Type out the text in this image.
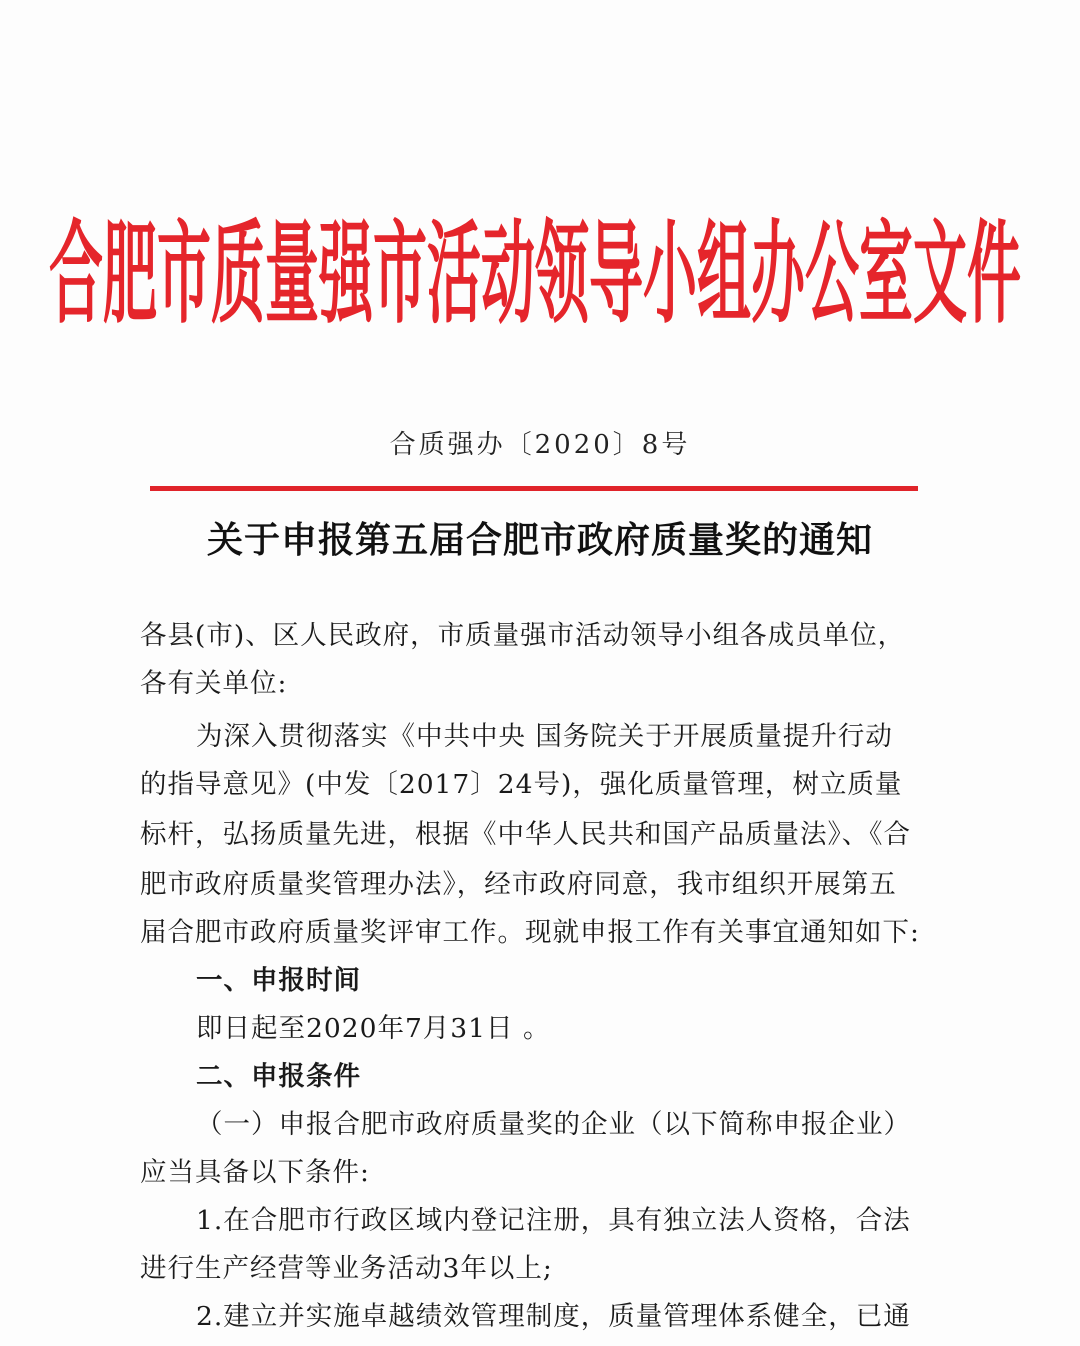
合肥市质量强市活动领导小组办公室文件
合质强办〔2020〕8号
关于申报第五届合肥市政府质量奖的通知
各县(市)、区人民政府，市质量强市活动领导小组各成员单位，
各有关单位:
为深入贯彻落实《中共中央 国务院关于开展质量提升行动
的指导意见》(中发〔2017〕24号)，强化质量管理，树立质量
标杆，弘扬质量先进，根据《中华人民共和国产品质量法》、《合
肥市政府质量奖管理办法》，经市政府同意，我市组织开展第五
届合肥市政府质量奖评审工作。现就申报工作有关事宜通知如下:
一、申报时间
即日起至2020年7月31日 。
二、申报条件
（一）申报合肥市政府质量奖的企业（以下简称申报企业）
应当具备以下条件:
1.在合肥市行政区域内登记注册，具有独立法人资格，合法
进行生产经营等业务活动3年以上;
2.建立并实施卓越绩效管理制度，质量管理体系健全，已通
